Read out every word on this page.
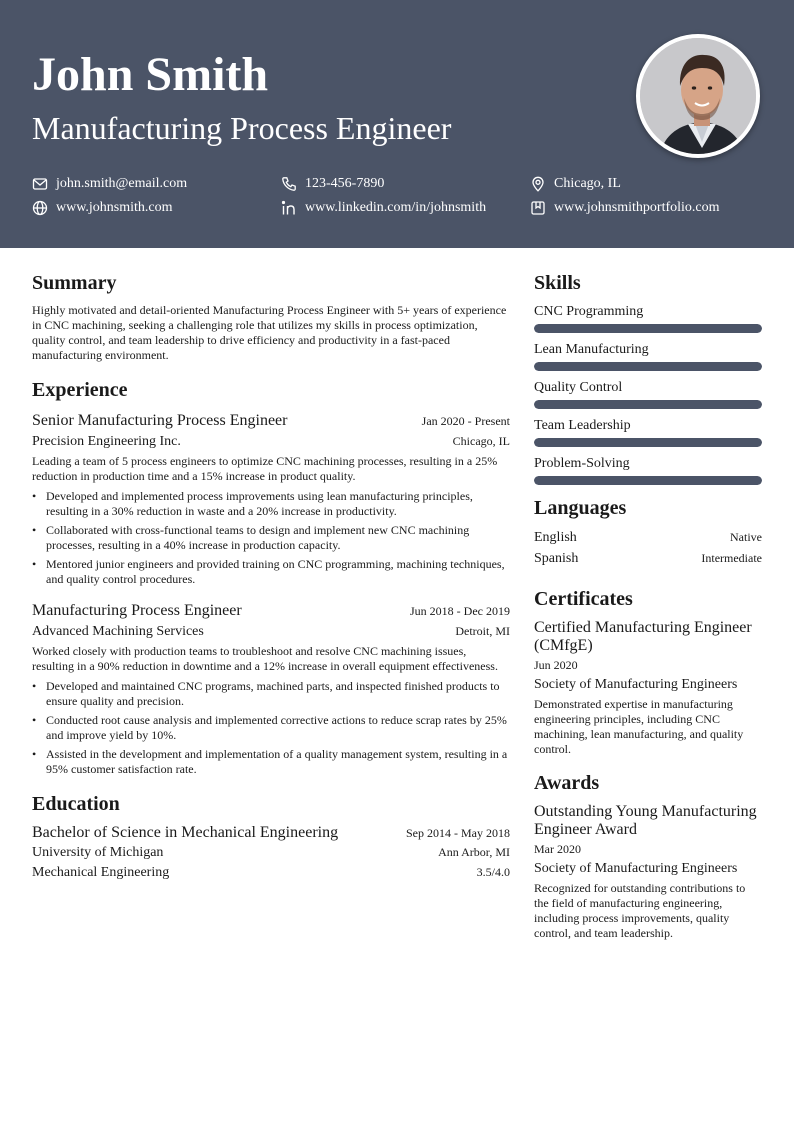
John Smith
Manufacturing Process Engineer
john.smith@email.com	123-456-7890	Chicago, IL
www.johnsmith.com	www.linkedin.com/in/johnsmith	www.johnsmithportfolio.com
Summary

Highly motivated and detail-oriented Manufacturing Process Engineer with 5+ years of experience in CNC machining, seeking a challenging role that utilizes my skills in process optimization, quality control, and team leadership to drive efficiency and productivity in a fast-paced manufacturing environment.

Experience
Senior Manufacturing Process Engineer	Jan 2020 - Present
Precision Engineering Inc.	Chicago, IL

Leading a team of 5 process engineers to optimize CNC machining processes, resulting in a 25% reduction in production time and a 15% increase in product quality.

• Developed and implemented process improvements using lean manufacturing principles, resulting in a 30% reduction in waste and a 20% increase in productivity.
• Collaborated with cross-functional teams to design and implement new CNC machining processes, resulting in a 40% increase in production capacity.
• Mentored junior engineers and provided training on CNC programming, machining techniques, and quality control procedures.
Manufacturing Process Engineer	Jun 2018 - Dec 2019
Advanced Machining Services	Detroit, MI

Worked closely with production teams to troubleshoot and resolve CNC machining issues, resulting in a 90% reduction in downtime and a 12% increase in overall equipment effectiveness.

• Developed and maintained CNC programs, machined parts, and inspected finished products to ensure quality and precision.
• Conducted root cause analysis and implemented corrective actions to reduce scrap rates by 25% and improve yield by 10%.
• Assisted in the development and implementation of a quality management system, resulting in a 95% customer satisfaction rate.
Education
Bachelor of Science in Mechanical Engineering	Sep 2014 - May 2018
University of Michigan	Ann Arbor, MI
Mechanical Engineering	3.5/4.0
Skills
CNC Programming
Lean Manufacturing
Quality Control
Team Leadership
Problem-Solving
Languages
English	Native
Spanish	Intermediate
Certificates
Certified Manufacturing Engineer (CMfgE)
Jun 2020
Society of Manufacturing Engineers
Demonstrated expertise in manufacturing engineering principles, including CNC machining, lean manufacturing, and quality control.
Awards
Outstanding Young Manufacturing Engineer Award
Mar 2020
Society of Manufacturing Engineers
Recognized for outstanding contributions to the field of manufacturing engineering, including process improvements, quality control, and team leadership.
